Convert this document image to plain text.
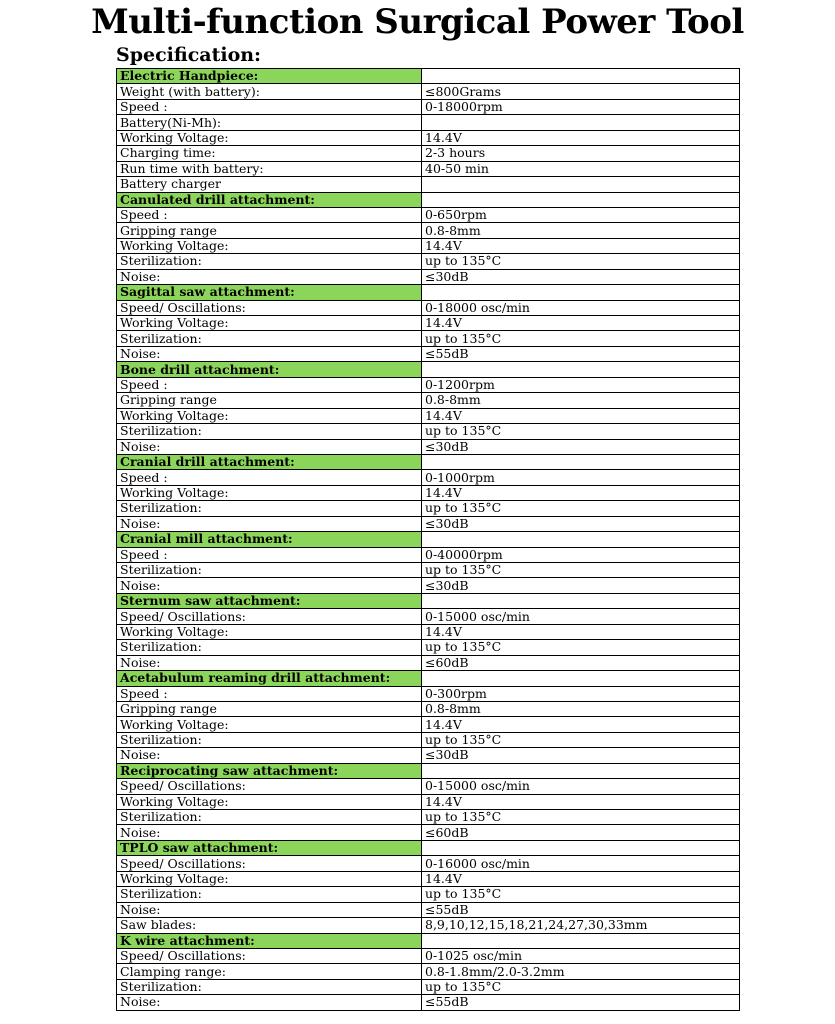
Multi-function Surgical Power Tool
Specification:
Electric Handpiece:	
Weight (with battery):	≤800Grams
Speed :	0-18000rpm
Battery(Ni-Mh):	
Working Voltage:	14.4V
Charging time:	2-3 hours
Run time with battery:	40-50 min
Battery charger	
Canulated drill attachment:	
Speed :	0-650rpm
Gripping range	0.8-8mm
Working Voltage:	14.4V
Sterilization:	up to 135°C
Noise:	≤30dB
Sagittal saw attachment:	
Speed/ Oscillations:	0-18000 osc/min
Working Voltage:	14.4V
Sterilization:	up to 135°C
Noise:	≤55dB
Bone drill attachment:	
Speed :	0-1200rpm
Gripping range	0.8-8mm
Working Voltage:	14.4V
Sterilization:	up to 135°C
Noise:	≤30dB
Cranial drill attachment:	
Speed :	0-1000rpm
Working Voltage:	14.4V
Sterilization:	up to 135°C
Noise:	≤30dB
Cranial mill attachment:	
Speed :	0-40000rpm
Sterilization:	up to 135°C
Noise:	≤30dB
Sternum saw attachment:	
Speed/ Oscillations:	0-15000 osc/min
Working Voltage:	14.4V
Sterilization:	up to 135°C
Noise:	≤60dB
Acetabulum reaming drill attachment:	
Speed :	0-300rpm
Gripping range	0.8-8mm
Working Voltage:	14.4V
Sterilization:	up to 135°C
Noise:	≤30dB
Reciprocating saw attachment:	
Speed/ Oscillations:	0-15000 osc/min
Working Voltage:	14.4V
Sterilization:	up to 135°C
Noise:	≤60dB
TPLO saw attachment:	
Speed/ Oscillations:	0-16000 osc/min
Working Voltage:	14.4V
Sterilization:	up to 135°C
Noise:	≤55dB
Saw blades:	8,9,10,12,15,18,21,24,27,30,33mm
K wire attachment:	
Speed/ Oscillations:	0-1025 osc/min
Clamping range:	0.8-1.8mm/2.0-3.2mm
Sterilization:	up to 135°C
Noise:	≤55dB
